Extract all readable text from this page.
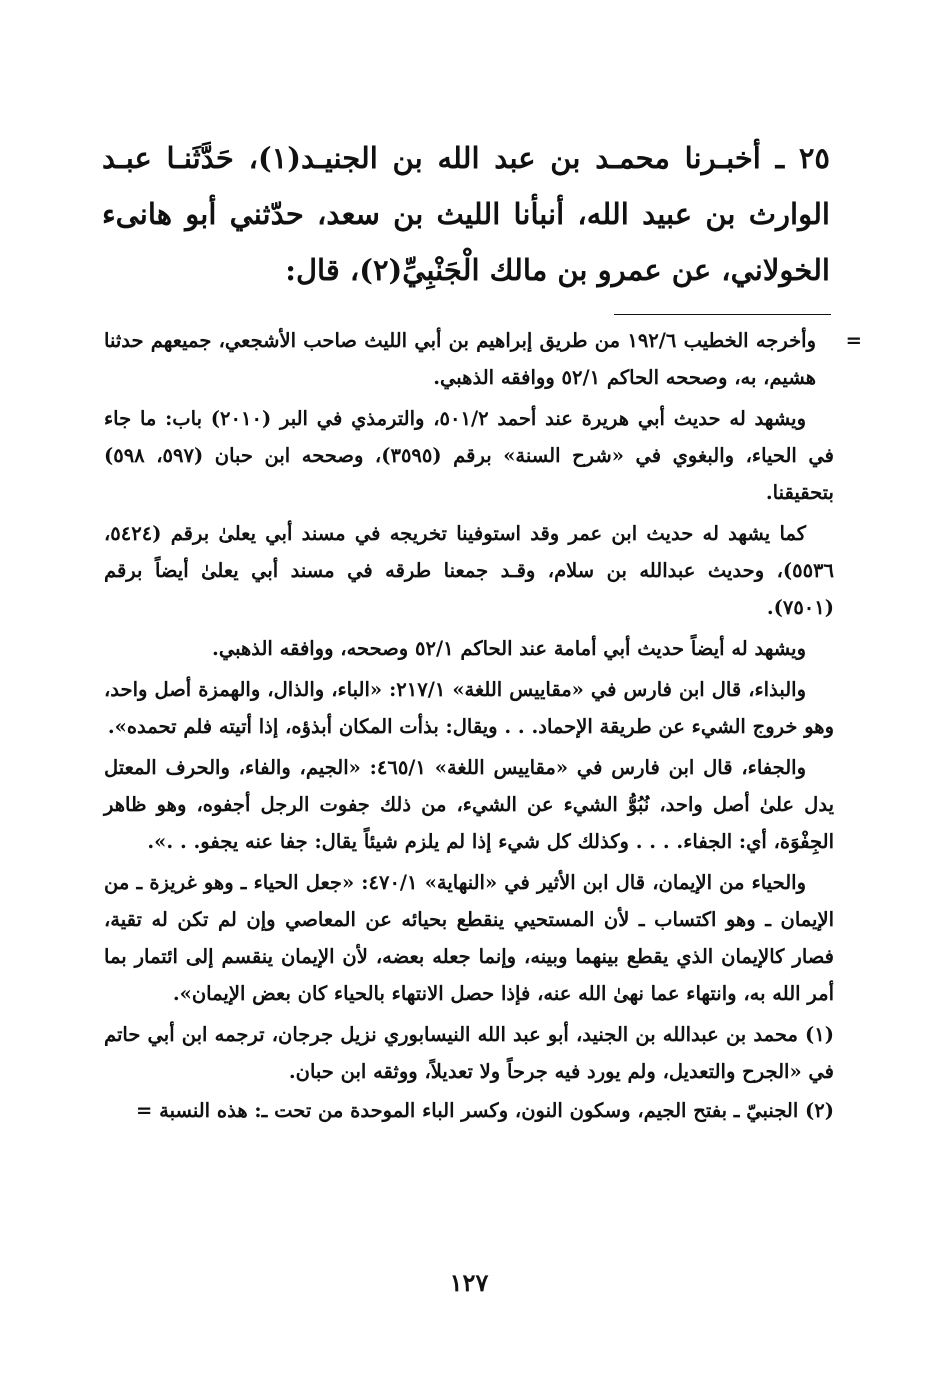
٢٥ ـ أخبـرنا محمـد بن عبد الله بن الجنيـد(١)، حَدَّثَنـا عبـد الوارث بن عبيد الله، أنبأنا الليث بن سعد، حدّثني أبو هانىء الخولاني، عن عمرو بن مالك الْجَنْبِيِّ(٢)، قال:

=
وأخرجه الخطيب ١٩٢/٦ من طريق إبراهيم بن أبي الليث صاحب الأشجعي، جميعهم حدثنا هشيم، به، وصححه الحاكم ٥٢/١ ووافقه الذهبي.

ويشهد له حديث أبي هريرة عند أحمد ٥٠١/٢، والترمذي في البر (٢٠١٠) باب: ما جاء في الحياء، والبغوي في «شرح السنة» برقم (٣٥٩٥)، وصححه ابن حبان (٥٩٧، ٥٩٨) بتحقيقنا.

كما يشهد له حديث ابن عمر وقد استوفينا تخريجه في مسند أبي يعلىٰ برقم (٥٤٢٤، ٥٥٣٦)، وحديث عبدالله بن سلام، وقـد جمعنا طرقه في مسند أبي يعلىٰ أيضاً برقم (٧٥٠١).

ويشهد له أيضاً حديث أبي أمامة عند الحاكم ٥٢/١ وصححه، ووافقه الذهبي.

والبذاء، قال ابن فارس في «مقاييس اللغة» ٢١٧/١: «الباء، والذال، والهمزة أصل واحد، وهو خروج الشيء عن طريقة الإحماد. . . ويقال: بذأت المكان أبذؤه، إذا أتيته فلم تحمده».

والجفاء، قال ابن فارس في «مقاييس اللغة» ٤٦٥/١: «الجيم، والفاء، والحرف المعتل يدل علىٰ أصل واحد، نُبُوُّ الشيء عن الشيء، من ذلك جفوت الرجل أجفوه، وهو ظاهر الجِفْوَة، أي: الجفاء. . . . وكذلك كل شيء إذا لم يلزم شيئاً يقال: جفا عنه يجفو. . .».

والحياء من الإيمان، قال ابن الأثير في «النهاية» ٤٧٠/١: «جعل الحياء ـ وهو غريزة ـ من الإيمان ـ وهو اكتساب ـ لأن المستحيي ينقطع بحيائه عن المعاصي وإن لم تكن له تقية، فصار كالإيمان الذي يقطع بينهما وبينه، وإنما جعله بعضه، لأن الإيمان ينقسم إلى ائتمار بما أمر الله به، وانتهاء عما نهىٰ الله عنه، فإذا حصل الانتهاء بالحياء كان بعض الإيمان».

(١) محمد بن عبدالله بن الجنيد، أبو عبد الله النيسابوري نزيل جرجان، ترجمه ابن أبي حاتم في «الجرح والتعديل، ولم يورد فيه جرحاً ولا تعديلاً، ووثقه ابن حبان.

(٢) الجنبيّ ـ بفتح الجيم، وسكون النون، وكسر الباء الموحدة من تحت ـ: هذه النسبة =

١٢٧
